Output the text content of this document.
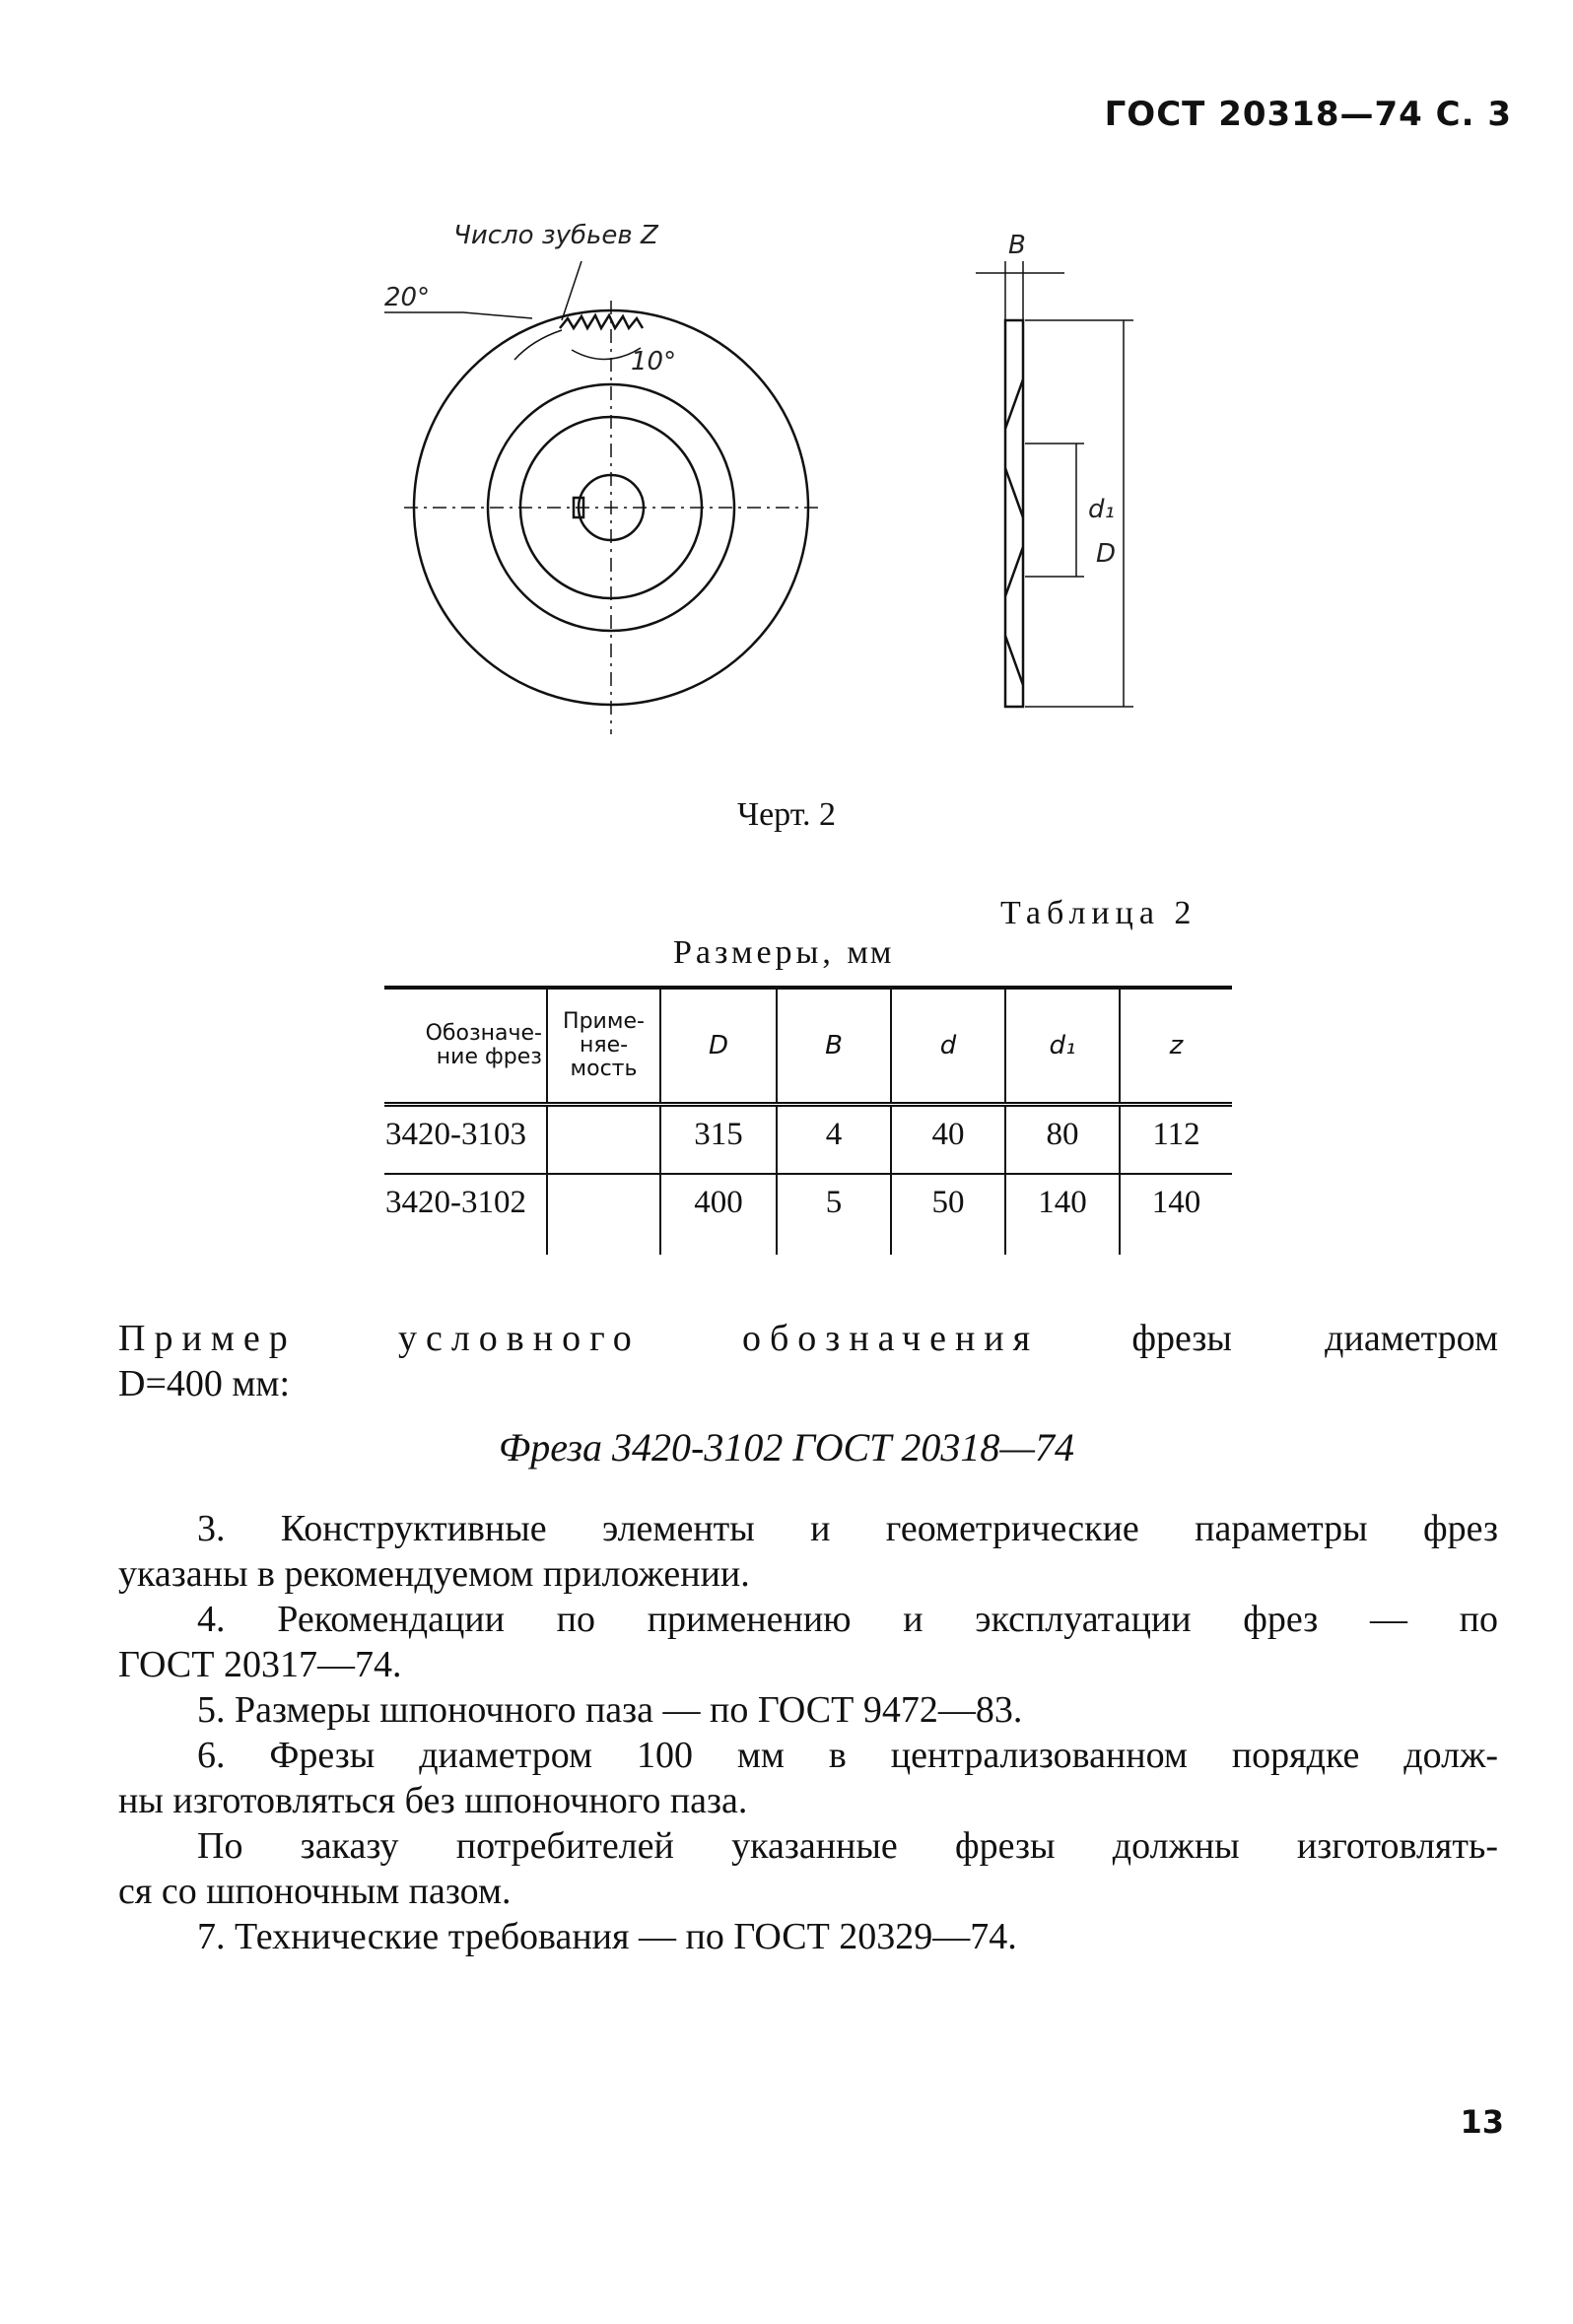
ГОСТ 20318—74 С. 3
Число зубьев Z
20°
10°
B
d₁
D
Черт. 2
Таблица 2
Размеры, мм
Обозначе-
ние фрез	Приме-
няе-
мость	D	B	d	d₁	z
3420-3103		315	4	40	80	112
3420-3102		400	5	50	140	140
Пример условного обозначения фрезы диаметром
D=400 мм:
Фреза 3420-3102 ГОСТ 20318—74

3. Конструктивные элементы и геометрические параметры фрез

указаны в рекомендуемом приложении.

4. Рекомендации по применению и эксплуатации фрез — по

ГОСТ 20317—74.

5. Размеры шпоночного паза — по ГОСТ 9472—83.

6. Фрезы диаметром 100 мм в централизованном порядке долж-

ны изготовляться без шпоночного паза.

По заказу потребителей указанные фрезы должны изготовлять-

ся со шпоночным пазом.

7. Технические требования — по ГОСТ 20329—74.

13
